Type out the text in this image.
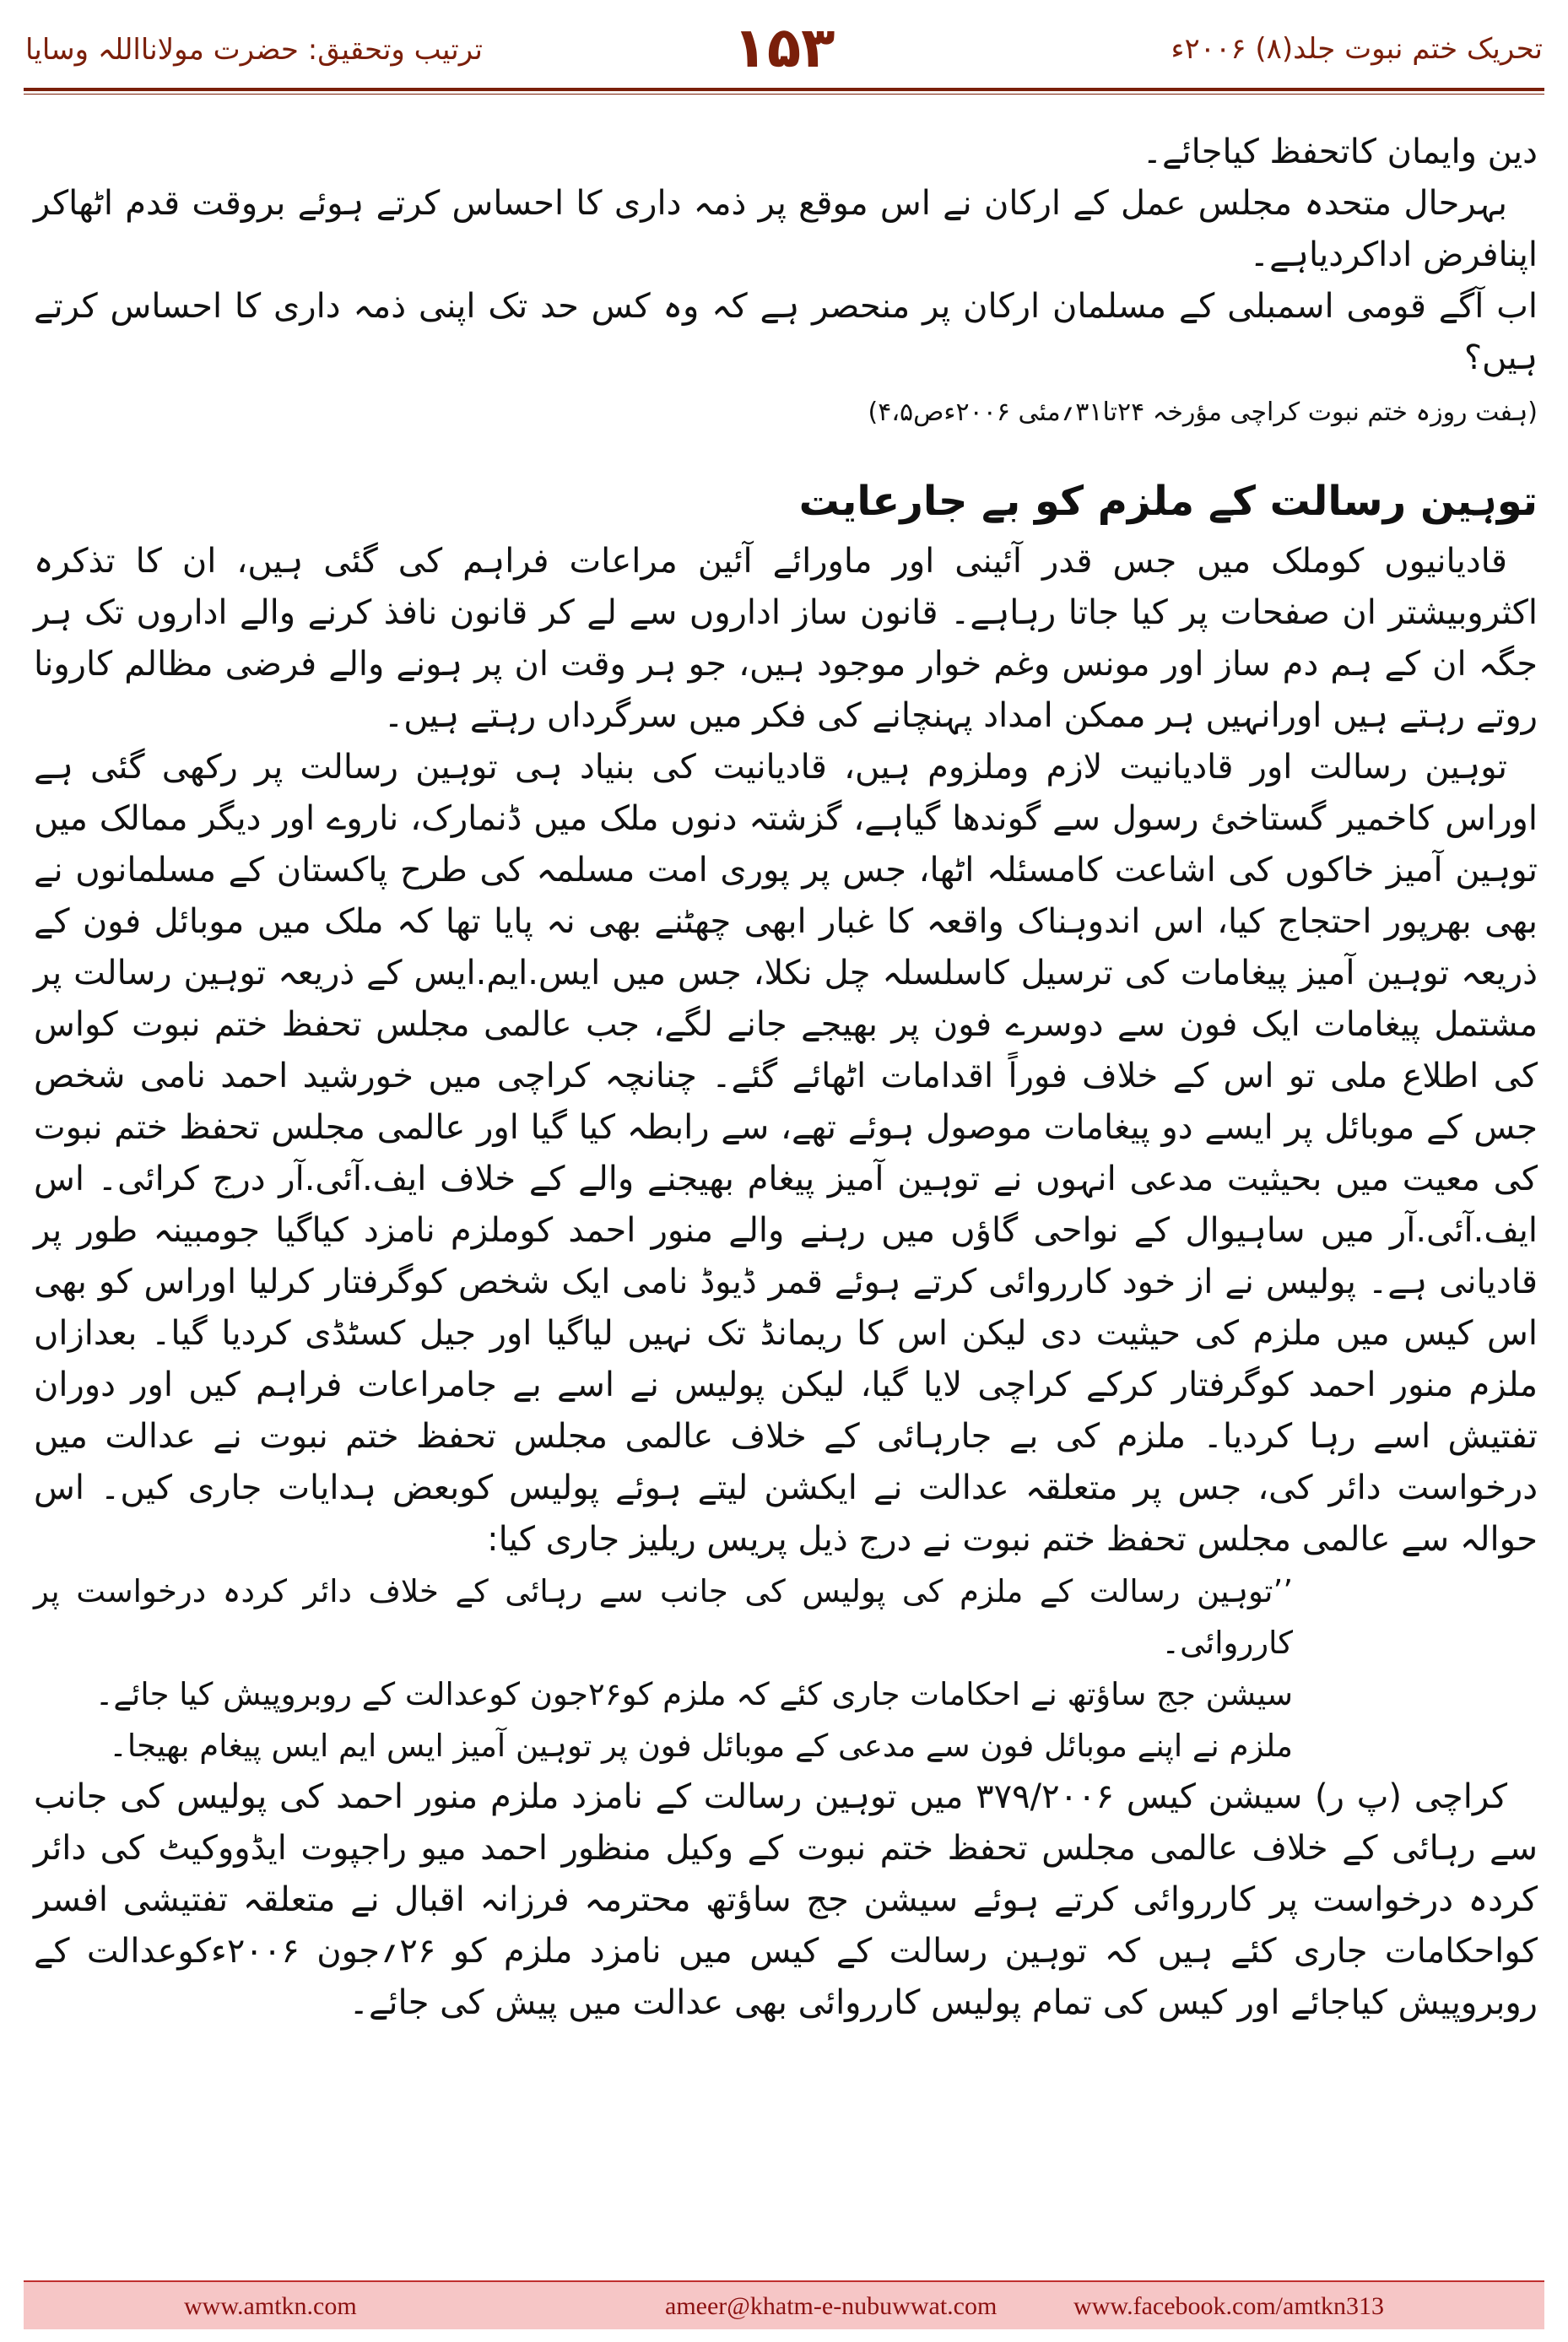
تحریک ختم نبوت جلد(۸) ۲۰۰۶ء
۱۵۳
ترتیب وتحقیق: حضرت مولانااللہ وسایا

دین وایمان کاتحفظ کیاجائے۔

بہرحال متحدہ مجلس عمل کے ارکان نے اس موقع پر ذمہ داری کا احساس کرتے ہوئے بروقت قدم اٹھاکر اپنافرض اداکردیاہے۔

اب آگے قومی اسمبلی کے مسلمان ارکان پر منحصر ہے کہ وہ کس حد تک اپنی ذمہ داری کا احساس کرتے ہیں؟

(ہفت روزہ ختم نبوت کراچی مؤرخہ ۲۴تا۳۱؍مئی ۲۰۰۶ءص۴،۵)

توہین رسالت کے ملزم کو بے جارعایت

قادیانیوں کوملک میں جس قدر آئینی اور ماورائے آئین مراعات فراہم کی گئی ہیں، ان کا تذکرہ اکثروبیشتر ان صفحات پر کیا جاتا رہاہے۔ قانون ساز اداروں سے لے کر قانون نافذ کرنے والے اداروں تک ہر جگہ ان کے ہم دم ساز اور مونس وغم خوار موجود ہیں، جو ہر وقت ان پر ہونے والے فرضی مظالم کارونا روتے رہتے ہیں اورانہیں ہر ممکن امداد پہنچانے کی فکر میں سرگرداں رہتے ہیں۔

توہین رسالت اور قادیانیت لازم وملزوم ہیں، قادیانیت کی بنیاد ہی توہین رسالت پر رکھی گئی ہے اوراس کاخمیر گستاخئ رسول سے گوندھا گیاہے، گزشتہ دنوں ملک میں ڈنمارک، ناروے اور دیگر ممالک میں توہین آمیز خاکوں کی اشاعت کامسئلہ اٹھا، جس پر پوری امت مسلمہ کی طرح پاکستان کے مسلمانوں نے بھی بھرپور احتجاج کیا، اس اندوہناک واقعہ کا غبار ابھی چھٹنے بھی نہ پایا تھا کہ ملک میں موبائل فون کے ذریعہ توہین آمیز پیغامات کی ترسیل کاسلسلہ چل نکلا، جس میں ایس.ایم.ایس کے ذریعہ توہین رسالت پر مشتمل پیغامات ایک فون سے دوسرے فون پر بھیجے جانے لگے، جب عالمی مجلس تحفظ ختم نبوت کواس کی اطلاع ملی تو اس کے خلاف فوراً اقدامات اٹھائے گئے۔ چنانچہ کراچی میں خورشید احمد نامی شخص جس کے موبائل پر ایسے دو پیغامات موصول ہوئے تھے، سے رابطہ کیا گیا اور عالمی مجلس تحفظ ختم نبوت کی معیت میں بحیثیت مدعی انہوں نے توہین آمیز پیغام بھیجنے والے کے خلاف ایف.آئی.آر درج کرائی۔ اس ایف.آئی.آر میں ساہیوال کے نواحی گاؤں میں رہنے والے منور احمد کوملزم نامزد کیاگیا جومبینہ طور پر قادیانی ہے۔ پولیس نے از خود کارروائی کرتے ہوئے قمر ڈیوڈ نامی ایک شخص کوگرفتار کرلیا اوراس کو بھی اس کیس میں ملزم کی حیثیت دی لیکن اس کا ریمانڈ تک نہیں لیاگیا اور جیل کسٹڈی کردیا گیا۔ بعدازاں ملزم منور احمد کوگرفتار کرکے کراچی لایا گیا، لیکن پولیس نے اسے بے جامراعات فراہم کیں اور دوران تفتیش اسے رہا کردیا۔ ملزم کی بے جارہائی کے خلاف عالمی مجلس تحفظ ختم نبوت نے عدالت میں درخواست دائر کی، جس پر متعلقہ عدالت نے ایکشن لیتے ہوئے پولیس کوبعض ہدایات جاری کیں۔ اس حوالہ سے عالمی مجلس تحفظ ختم نبوت نے درج ذیل پریس ریلیز جاری کیا:

’’توہین رسالت کے ملزم کی پولیس کی جانب سے رہائی کے خلاف دائر کردہ درخواست پر کارروائی۔

سیشن جج ساؤتھ نے احکامات جاری کئے کہ ملزم کو۲۶جون کوعدالت کے روبروپیش کیا جائے۔

ملزم نے اپنے موبائل فون سے مدعی کے موبائل فون پر توہین آمیز ایس ایم ایس پیغام بھیجا۔

کراچی (پ ر) سیشن کیس ۳۷۹/۲۰۰۶ میں توہین رسالت کے نامزد ملزم منور احمد کی پولیس کی جانب سے رہائی کے خلاف عالمی مجلس تحفظ ختم نبوت کے وکیل منظور احمد میو راجپوت ایڈووکیٹ کی دائر کردہ درخواست پر کارروائی کرتے ہوئے سیشن جج ساؤتھ محترمہ فرزانہ اقبال نے متعلقہ تفتیشی افسر کواحکامات جاری کئے ہیں کہ توہین رسالت کے کیس میں نامزد ملزم کو ۲۶؍جون ۲۰۰۶ءکوعدالت کے روبروپیش کیاجائے اور کیس کی تمام پولیس کارروائی بھی عدالت میں پیش کی جائے۔

www.amtkn.com	ameer@khatm-e-nubuwwat.com	www.facebook.com/amtkn313
